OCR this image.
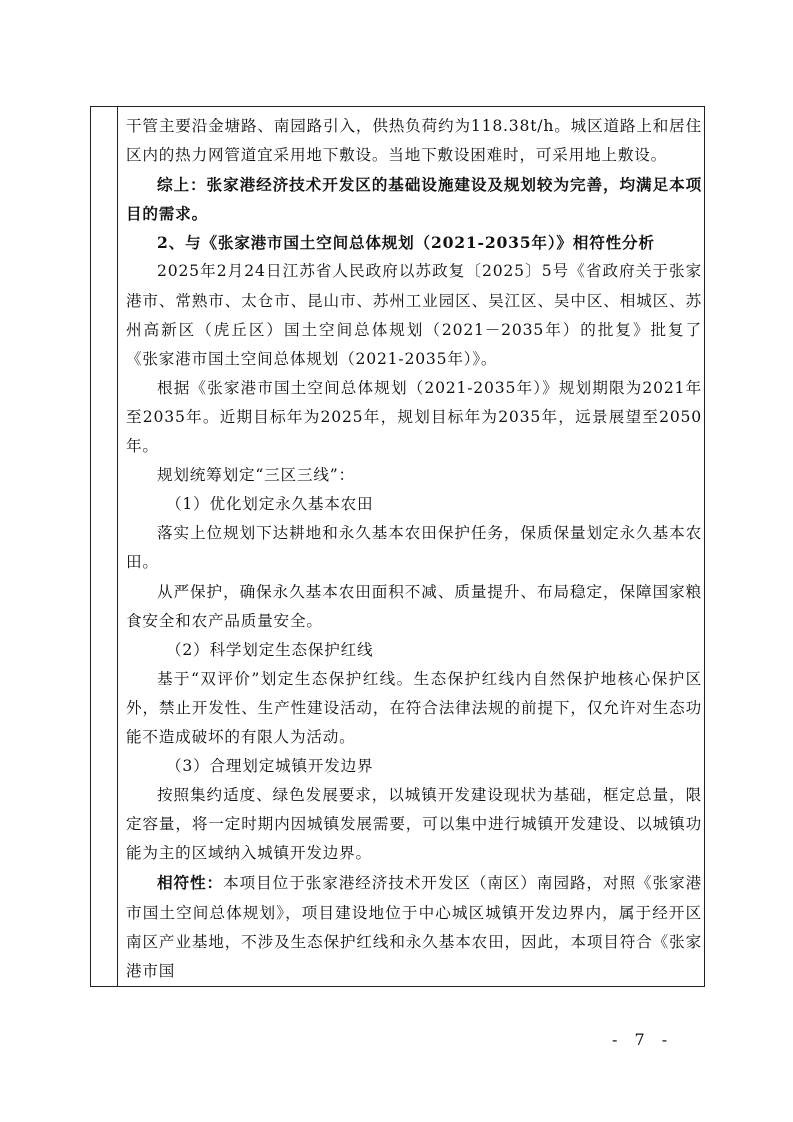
干管主要沿金塘路、南园路引入，供热负荷约为118.38t/h。城区道路上和居住区内的热力网管道宜采用地下敷设。当地下敷设困难时，可采用地上敷设。

综上：张家港经济技术开发区的基础设施建设及规划较为完善，均满足本项目的需求。

2、与《张家港市国土空间总体规划（2021-2035年）》相符性分析

2025年2月24日江苏省人民政府以苏政复〔2025〕5号《省政府关于张家港市、常熟市、太仓市、昆山市、苏州工业园区、吴江区、吴中区、相城区、苏州高新区（虎丘区）国土空间总体规划（2021－2035年）的批复》批复了《张家港市国土空间总体规划（2021-2035年）》。

根据《张家港市国土空间总体规划（2021-2035年）》规划期限为2021年至2035年。近期目标年为2025年，规划目标年为2035年，远景展望至2050年。

规划统筹划定“三区三线”：

（1）优化划定永久基本农田

落实上位规划下达耕地和永久基本农田保护任务，保质保量划定永久基本农田。

从严保护，确保永久基本农田面积不减、质量提升、布局稳定，保障国家粮食安全和农产品质量安全。

（2）科学划定生态保护红线

基于“双评价”划定生态保护红线。生态保护红线内自然保护地核心保护区外，禁止开发性、生产性建设活动，在符合法律法规的前提下，仅允许对生态功能不造成破坏的有限人为活动。

（3）合理划定城镇开发边界

按照集约适度、绿色发展要求，以城镇开发建设现状为基础，框定总量，限定容量，将一定时期内因城镇发展需要，可以集中进行城镇开发建设、以城镇功能为主的区域纳入城镇开发边界。

相符性：本项目位于张家港经济技术开发区（南区）南园路，对照《张家港市国土空间总体规划》，项目建设地位于中心城区城镇开发边界内，属于经开区南区产业基地，不涉及生态保护红线和永久基本农田，因此，本项目符合《张家港市国

- 7 -
